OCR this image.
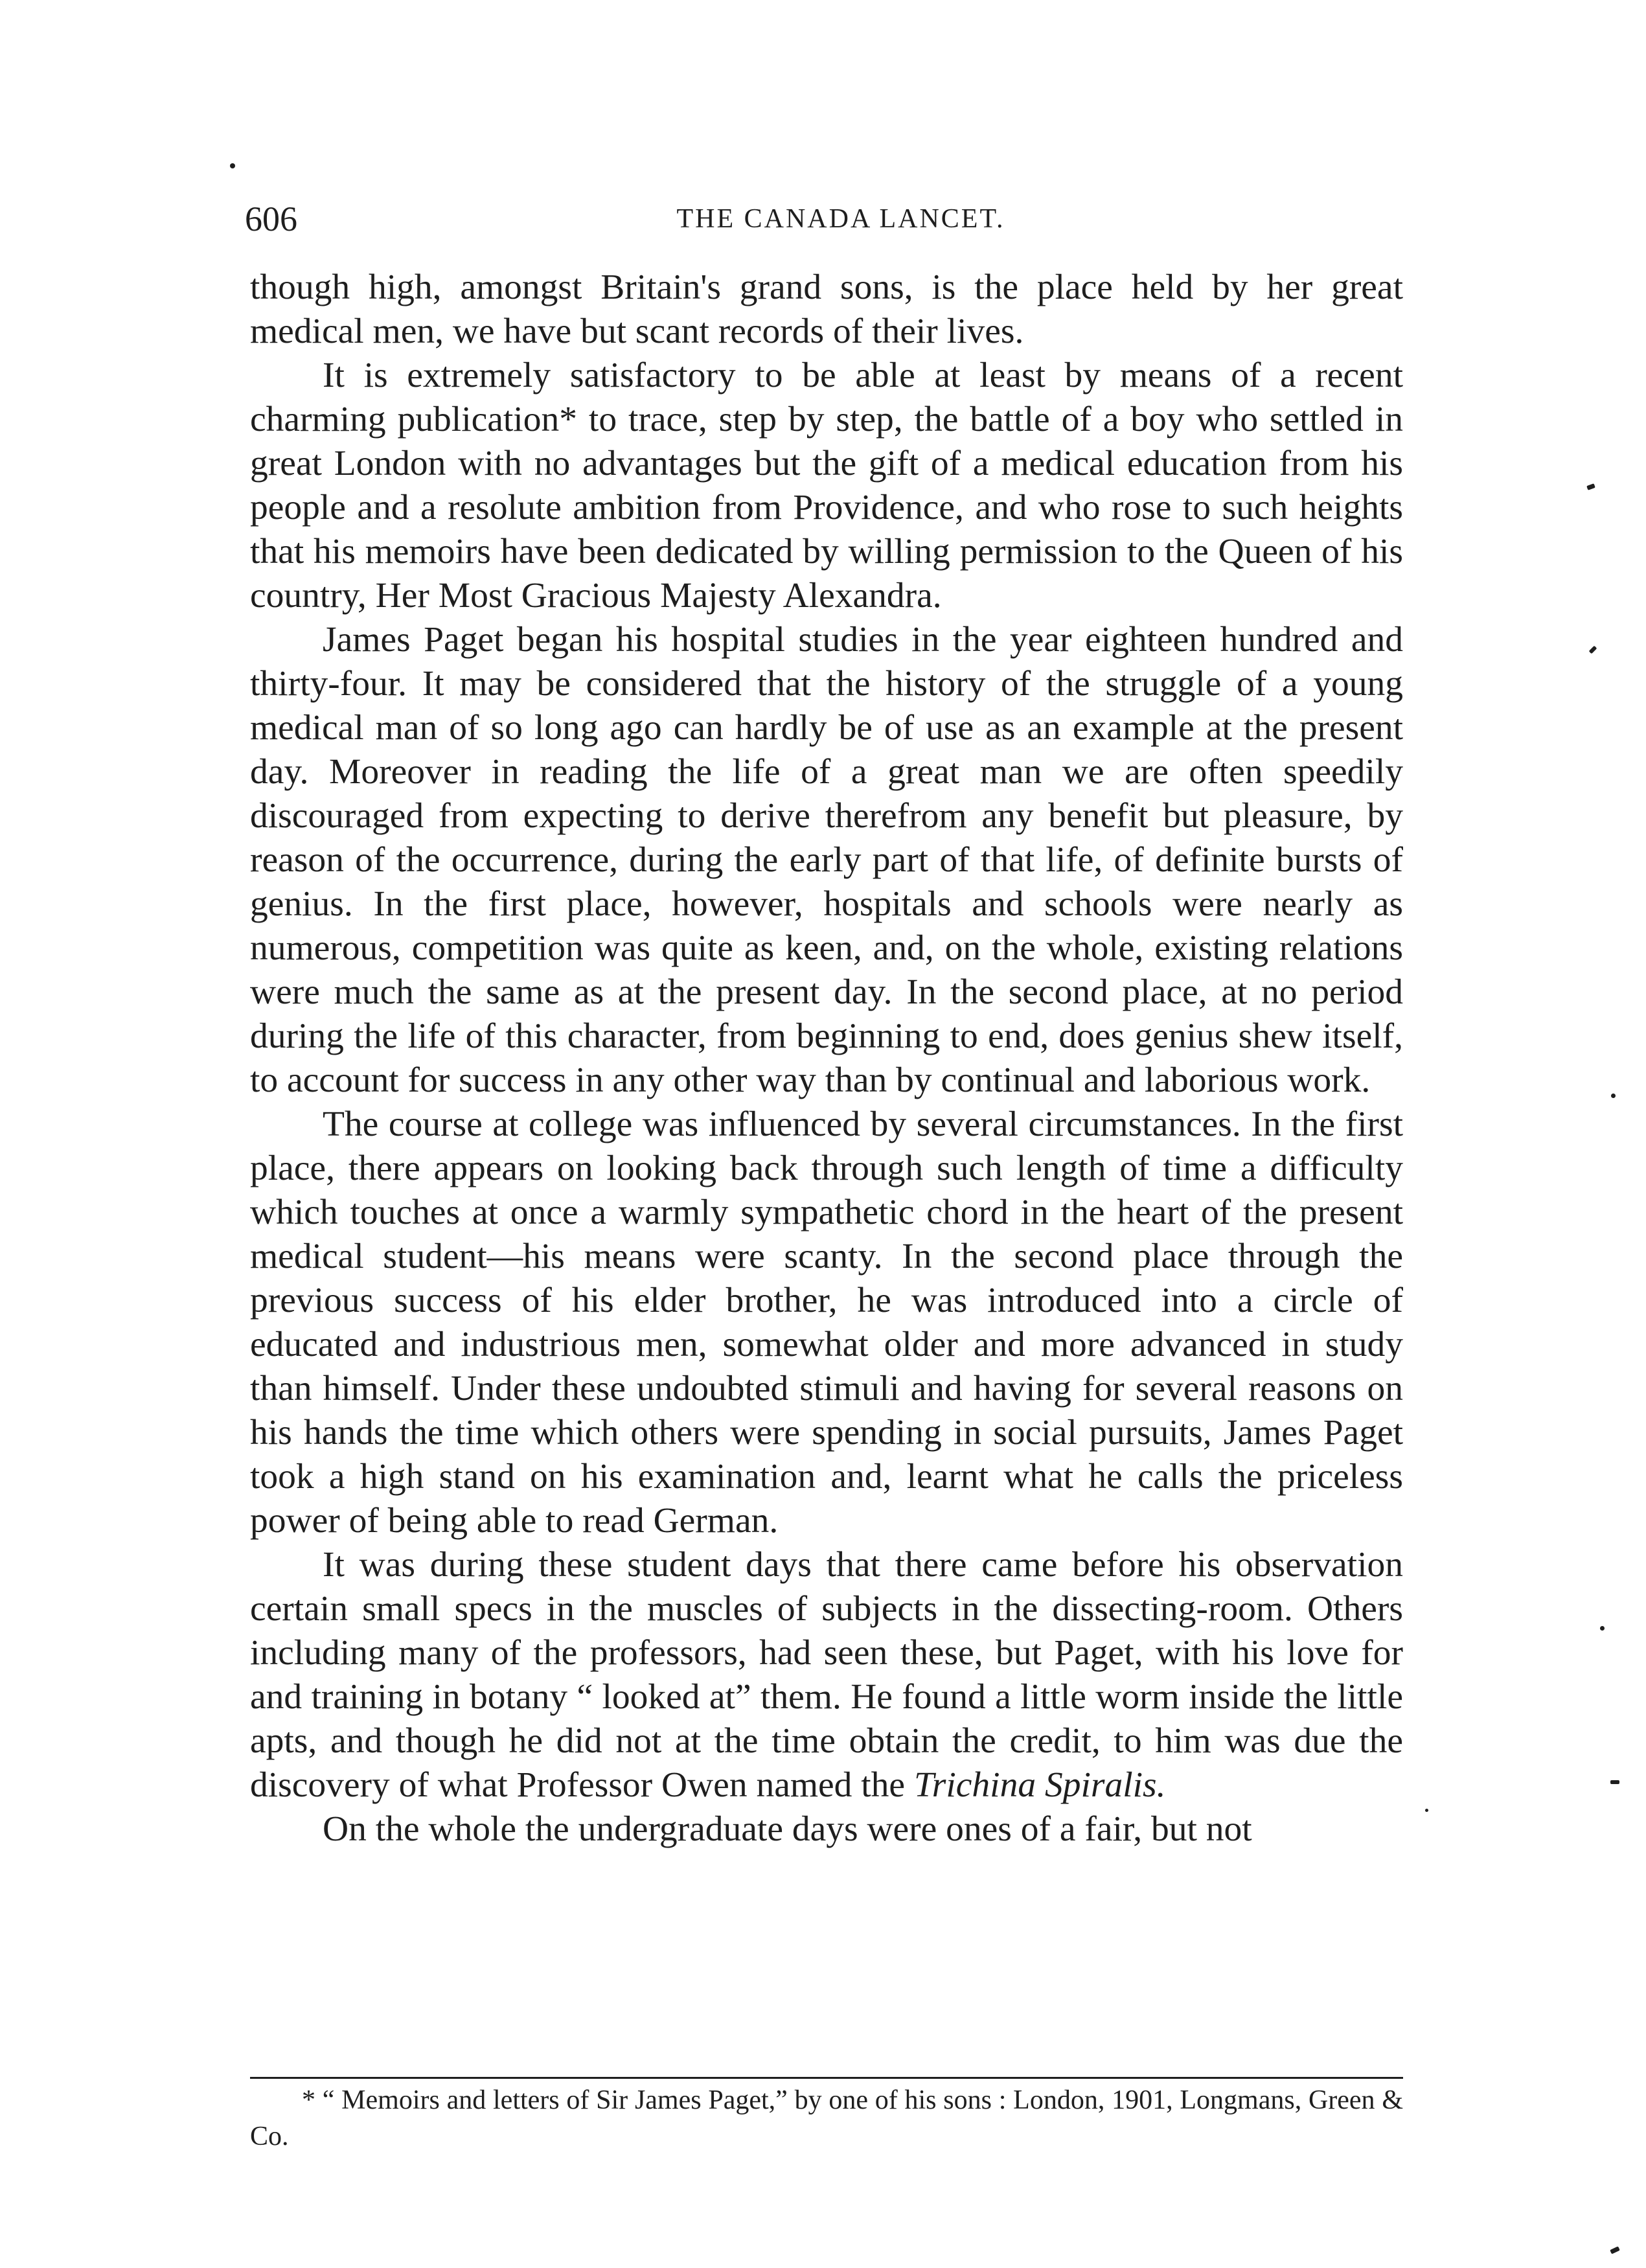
606	THE CANADA LANCET.

though high, amongst Britain's grand sons, is the place held by her great medical men, we have but scant records of their lives.

It is extremely satisfactory to be able at least by means of a recent charming publication* to trace, step by step, the battle of a boy who settled in great London with no advantages but the gift of a medical education from his people and a resolute ambition from Providence, and who rose to such heights that his memoirs have been dedicated by willing permission to the Queen of his country, Her Most Gracious Majesty Alexandra.

James Paget began his hospital studies in the year eighteen hundred and thirty-four. It may be considered that the history of the struggle of a young medical man of so long ago can hardly be of use as an example at the present day. Moreover in reading the life of a great man we are often speedily discouraged from expecting to derive therefrom any benefit but pleasure, by reason of the occurrence, during the early part of that life, of definite bursts of genius. In the first place, however, hospitals and schools were nearly as numerous, competition was quite as keen, and, on the whole, existing relations were much the same as at the present day. In the second place, at no period during the life of this character, from beginning to end, does genius shew itself, to account for success in any other way than by continual and laborious work.

The course at college was influenced by several circumstances. In the first place, there appears on looking back through such length of time a difficulty which touches at once a warmly sympathetic chord in the heart of the present medical student—his means were scanty. In the second place through the previous success of his elder brother, he was introduced into a circle of educated and industrious men, somewhat older and more advanced in study than himself. Under these undoubted stimuli and having for several reasons on his hands the time which others were spending in social pursuits, James Paget took a high stand on his examination and, learnt what he calls the priceless power of being able to read German.

It was during these student days that there came before his observation certain small specs in the muscles of subjects in the dissecting-room. Others including many of the professors, had seen these, but Paget, with his love for and training in botany “ looked at” them. He found a little worm inside the little apts, and though he did not at the time obtain the credit, to him was due the discovery of what Professor Owen named the Trichina Spiralis.

On the whole the undergraduate days were ones of a fair, but not

* “ Memoirs and letters of Sir James Paget,” by one of his sons : London, 1901, Longmans, Green & Co.
